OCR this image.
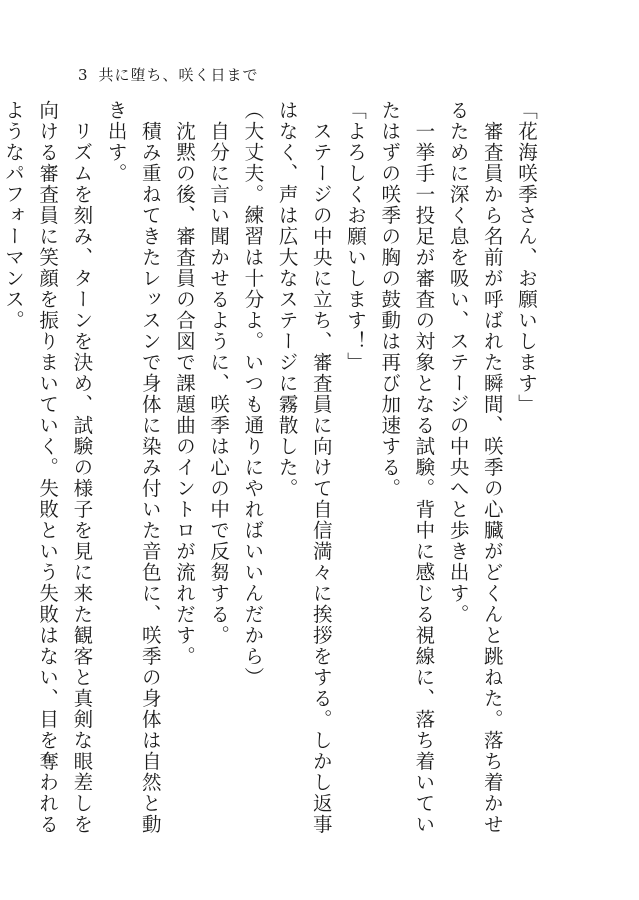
3 共に堕ち、咲く日まで

「花海咲季さん、お願いします」

　審査員から名前が呼ばれた瞬間、咲季の心臓がどくんと跳ねた。落ち着かせるために深く息を吸い、ステージの中央へと歩き出す。

　一挙手一投足が審査の対象となる試験。背中に感じる視線に、落ち着いていたはずの咲季の胸の鼓動は再び加速する。

「よろしくお願いします！」

　ステージの中央に立ち、審査員に向けて自信満々に挨拶をする。しかし返事はなく、声は広大なステージに霧散した。

（大丈夫。練習は十分よ。いつも通りにやればいいんだから）

　自分に言い聞かせるように、咲季は心の中で反芻する。

　沈黙の後、審査員の合図で課題曲のイントロが流れだす。

　積み重ねてきたレッスンで身体に染み付いた音色に、咲季の身体は自然と動き出す。

　リズムを刻み、ターンを決め、試験の様子を見に来た観客と真剣な眼差しを向ける審査員に笑顔を振りまいていく。失敗という失敗はない、目を奪われるようなパフォーマンス。
